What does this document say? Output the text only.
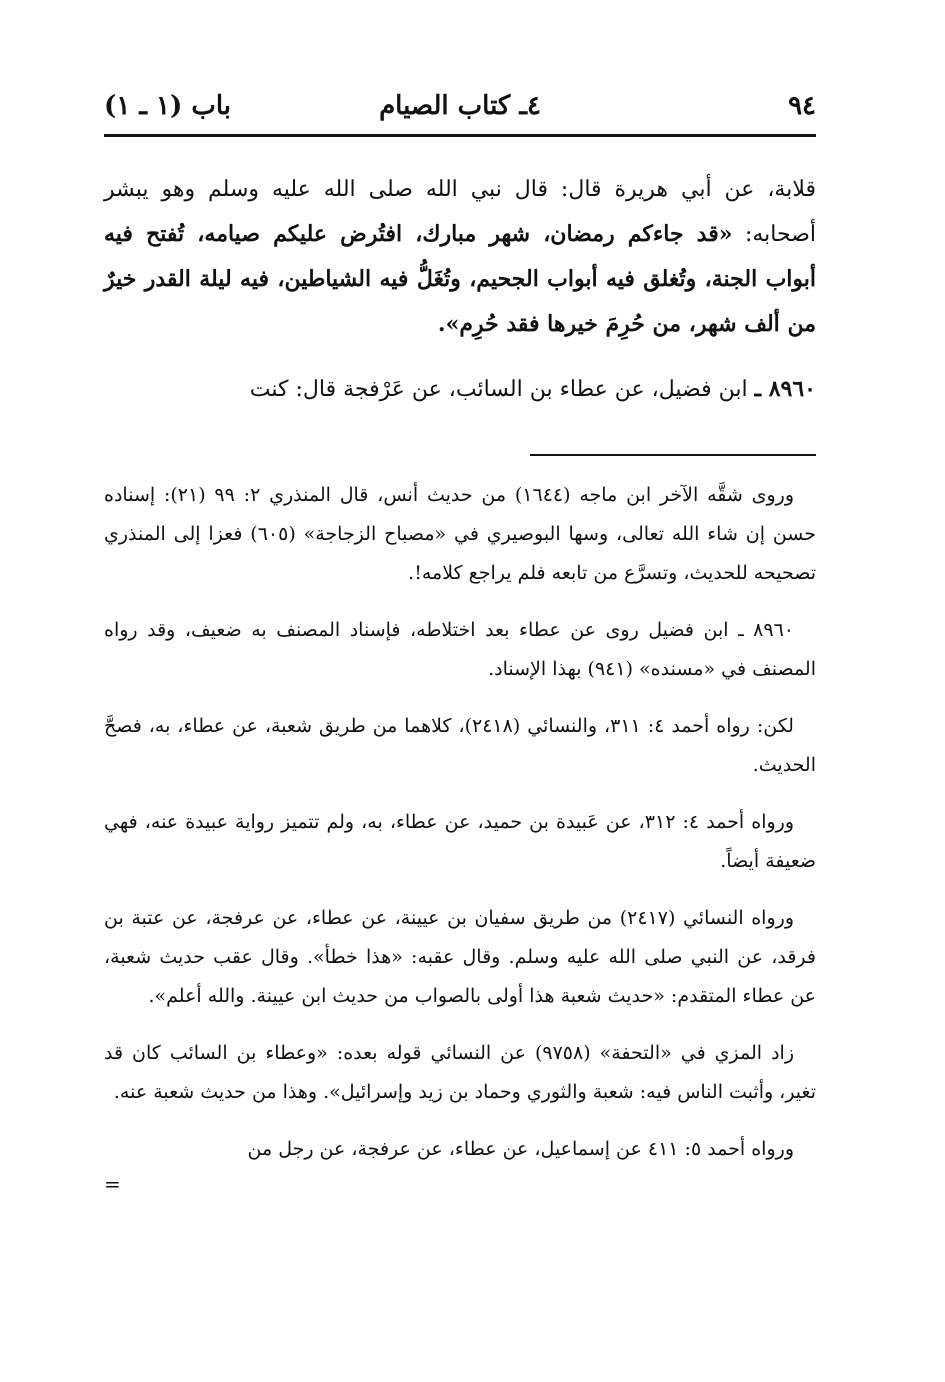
٩٤
٤ـ كتاب الصيام
باب (١ ـ ١)

قلابة، عن أبي هريرة قال: قال نبي الله صلى الله عليه وسلم وهو يبشر أصحابه: «قد جاءكم رمضان، شهر مبارك، افتُرض عليكم صيامه، تُفتح فيه أبواب الجنة، وتُغلق فيه أبواب الجحيم، وتُغَلُّ فيه الشياطين، فيه ليلة القدر خيرٌ من ألف شهر، من حُرِمَ خيرها فقد حُرِم».

٨٩٦٠ ـ ابن فضيل، عن عطاء بن السائب، عن عَرْفجة قال: كنت

وروى شقَّه الآخر ابن ماجه (١٦٤٤) من حديث أنس، قال المنذري ٢: ٩٩ (٢١): إسناده حسن إن شاء الله تعالى، وسها البوصيري في «مصباح الزجاجة» (٦٠٥) فعزا إلى المنذري تصحيحه للحديث، وتسرَّع من تابعه فلم يراجع كلامه!.

٨٩٦٠ ـ ابن فضيل روى عن عطاء بعد اختلاطه، فإسناد المصنف به ضعيف، وقد رواه المصنف في «مسنده» (٩٤١) بهذا الإسناد.

لكن: رواه أحمد ٤: ٣١١، والنسائي (٢٤١٨)، كلاهما من طريق شعبة، عن عطاء، به، فصحَّ الحديث.

ورواه أحمد ٤: ٣١٢، عن عَبيدة بن حميد، عن عطاء، به، ولم تتميز رواية عبيدة عنه، فهي ضعيفة أيضاً.

ورواه النسائي (٢٤١٧) من طريق سفيان بن عيينة، عن عطاء، عن عرفجة، عن عتبة بن فرقد، عن النبي صلى الله عليه وسلم. وقال عقبه: «هذا خطأ». وقال عقب حديث شعبة، عن عطاء المتقدم: «حديث شعبة هذا أولى بالصواب من حديث ابن عيينة. والله أعلم».

زاد المزي في «التحفة» (٩٧٥٨) عن النسائي قوله بعده: «وعطاء بن السائب كان قد تغير، وأثبت الناس فيه: شعبة والثوري وحماد بن زيد وإسرائيل». وهذا من حديث شعبة عنه.

ورواه أحمد ٥: ٤١١ عن إسماعيل، عن عطاء، عن عرفجة، عن رجل من

=
